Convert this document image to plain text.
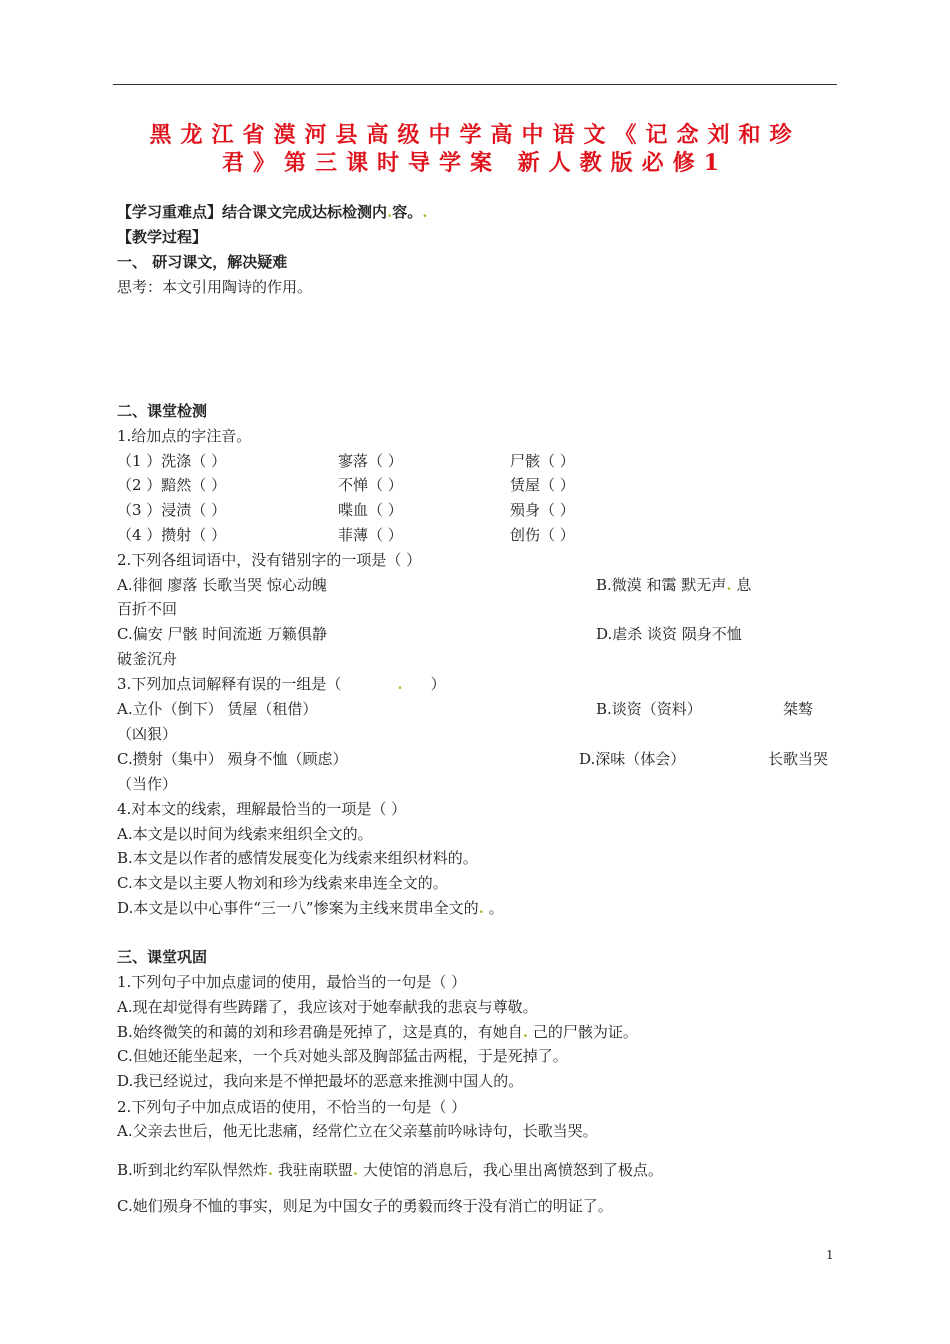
黑龙江省漠河县高级中学高中语文《记念刘和珍
君》第三课时导学案 新人教版必修1
【学习重难点】结合课文完成达标检测内.容。.
【教学过程】
一、 研习课文，解决疑难
思考：本文引用陶诗的作用。
二、课堂检测
1.给加点的字注音。
（1 ）洗涤（ ）	寥落（ ）	尸骸（ ）
（2 ）黯然（ ）	不惮（ ）	赁屋（ ）
（3 ）浸渍（ ）	喋血（ ）	殒身（ ）
（4 ）攒射（ ）	菲薄（ ）	创伤（ ）
2.下列各组词语中，没有错别字的一项是（ ）
A.徘徊 廖落 长歌当哭 惊心动魄	B.微漠 和霭 默无声. 息
百折不回
C.偏安 尸骸 时间流逝 万籁俱静	D.虐杀 谈资 陨身不恤
破釜沉舟
3.下列加点词解释有误的一组是（	. ）
A.立仆（倒下） 赁屋（租借）	B.谈资（资料）	桀骜
（凶狠）
C.攒射（集中） 殒身不恤（顾虑）	D.深味（体会）	长歌当哭
（当作）
4.对本文的线索，理解最恰当的一项是（ ）
A.本文是以时间为线索来组织全文的。
B.本文是以作者的感情发展变化为线索来组织材料的。
C.本文是以主要人物刘和珍为线索来串连全文的。
D.本文是以中心事件“三一八”惨案为主线来贯串全文的. 。
三、课堂巩固
1.下列句子中加点虚词的使用，最恰当的一句是（ ）
A.现在却觉得有些踌躇了，我应该对于她奉献我的悲哀与尊敬。
B.始终微笑的和蔼的刘和珍君确是死掉了，这是真的，有她自. 己的尸骸为证。
C.但她还能坐起来，一个兵对她头部及胸部猛击两棍，于是死掉了。
D.我已经说过，我向来是不惮把最坏的恶意来推测中国人的。
2.下列句子中加点成语的使用，不恰当的一句是（ ）
A.父亲去世后，他无比悲痛，经常伫立在父亲墓前吟咏诗句，长歌当哭。
B.听到北约军队悍然炸. 我驻南联盟. 大使馆的消息后，我心里出离愤怒到了极点。
C.她们殒身不恤的事实，则足为中国女子的勇毅而终于没有消亡的明证了。
1
